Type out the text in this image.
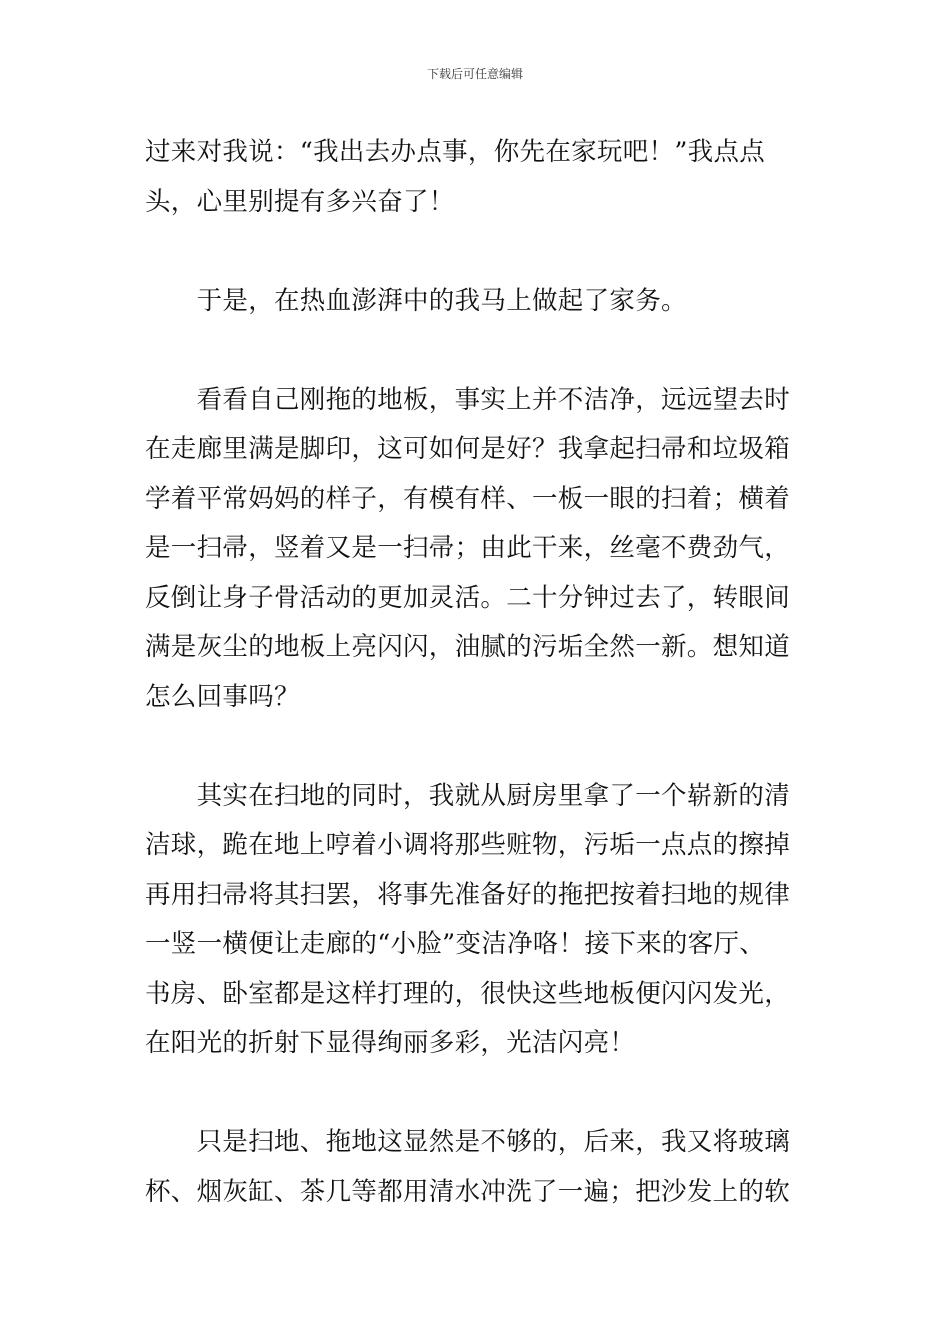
下载后可任意编辑
过来对我说：“我出去办点事，你先在家玩吧！”我点点
头，心里别提有多兴奋了！
　　于是，在热血澎湃中的我马上做起了家务。
　　看看自己刚拖的地板，事实上并不洁净，远远望去时
在走廊里满是脚印，这可如何是好？我拿起扫帚和垃圾箱
学着平常妈妈的样子，有模有样、一板一眼的扫着；横着
是一扫帚，竖着又是一扫帚；由此干来，丝毫不费劲气，
反倒让身子骨活动的更加灵活。二十分钟过去了，转眼间
满是灰尘的地板上亮闪闪，油腻的污垢全然一新。想知道
怎么回事吗？
　　其实在扫地的同时，我就从厨房里拿了一个崭新的清
洁球，跪在地上哼着小调将那些赃物，污垢一点点的擦掉
再用扫帚将其扫罢，将事先准备好的拖把按着扫地的规律
一竖一横便让走廊的“小脸”变洁净咯！接下来的客厅、
书房、卧室都是这样打理的，很快这些地板便闪闪发光，
在阳光的折射下显得绚丽多彩，光洁闪亮！
　　只是扫地、拖地这显然是不够的，后来，我又将玻璃
杯、烟灰缸、茶几等都用清水冲洗了一遍；把沙发上的软
